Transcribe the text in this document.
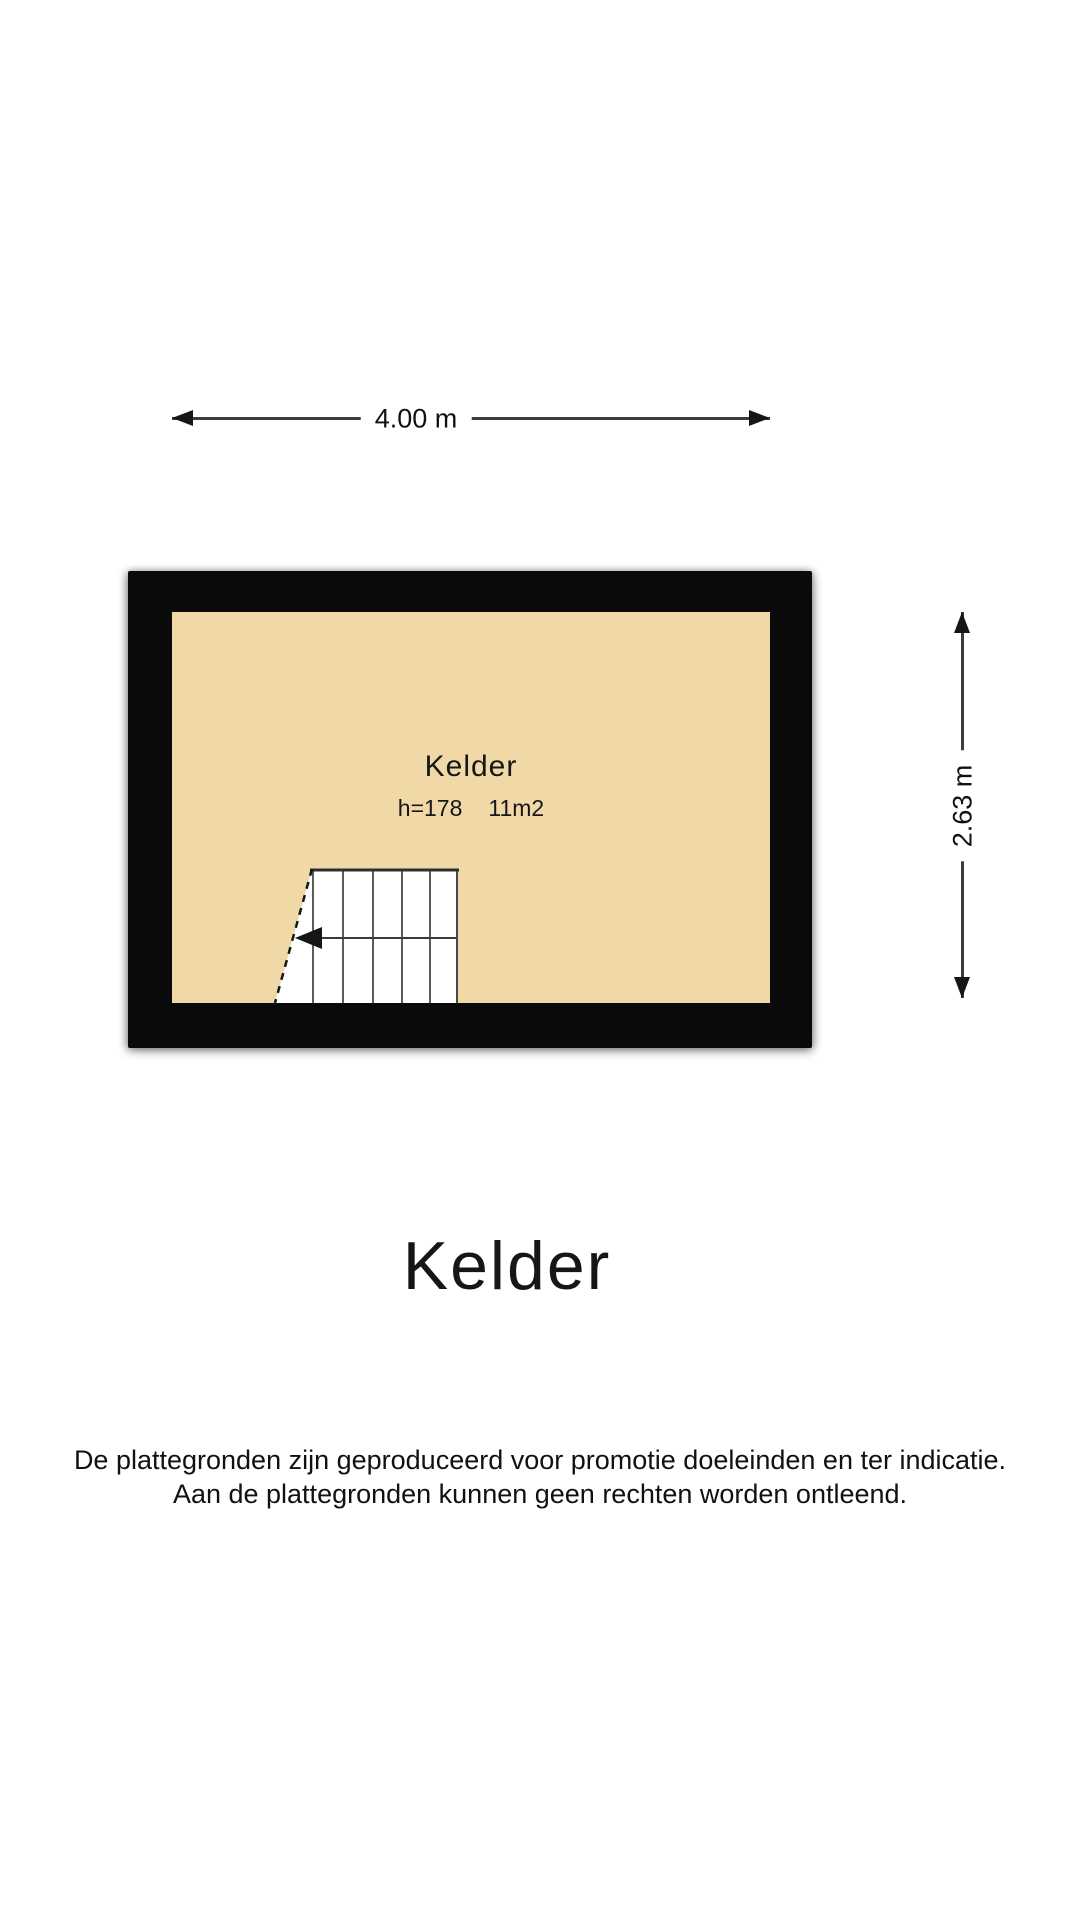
4.00 m
2.63 m
Kelder
h=178 11m2
Kelder
De plattegronden zijn geproduceerd voor promotie doeleinden en ter indicatie.
Aan de plattegronden kunnen geen rechten worden ontleend.
